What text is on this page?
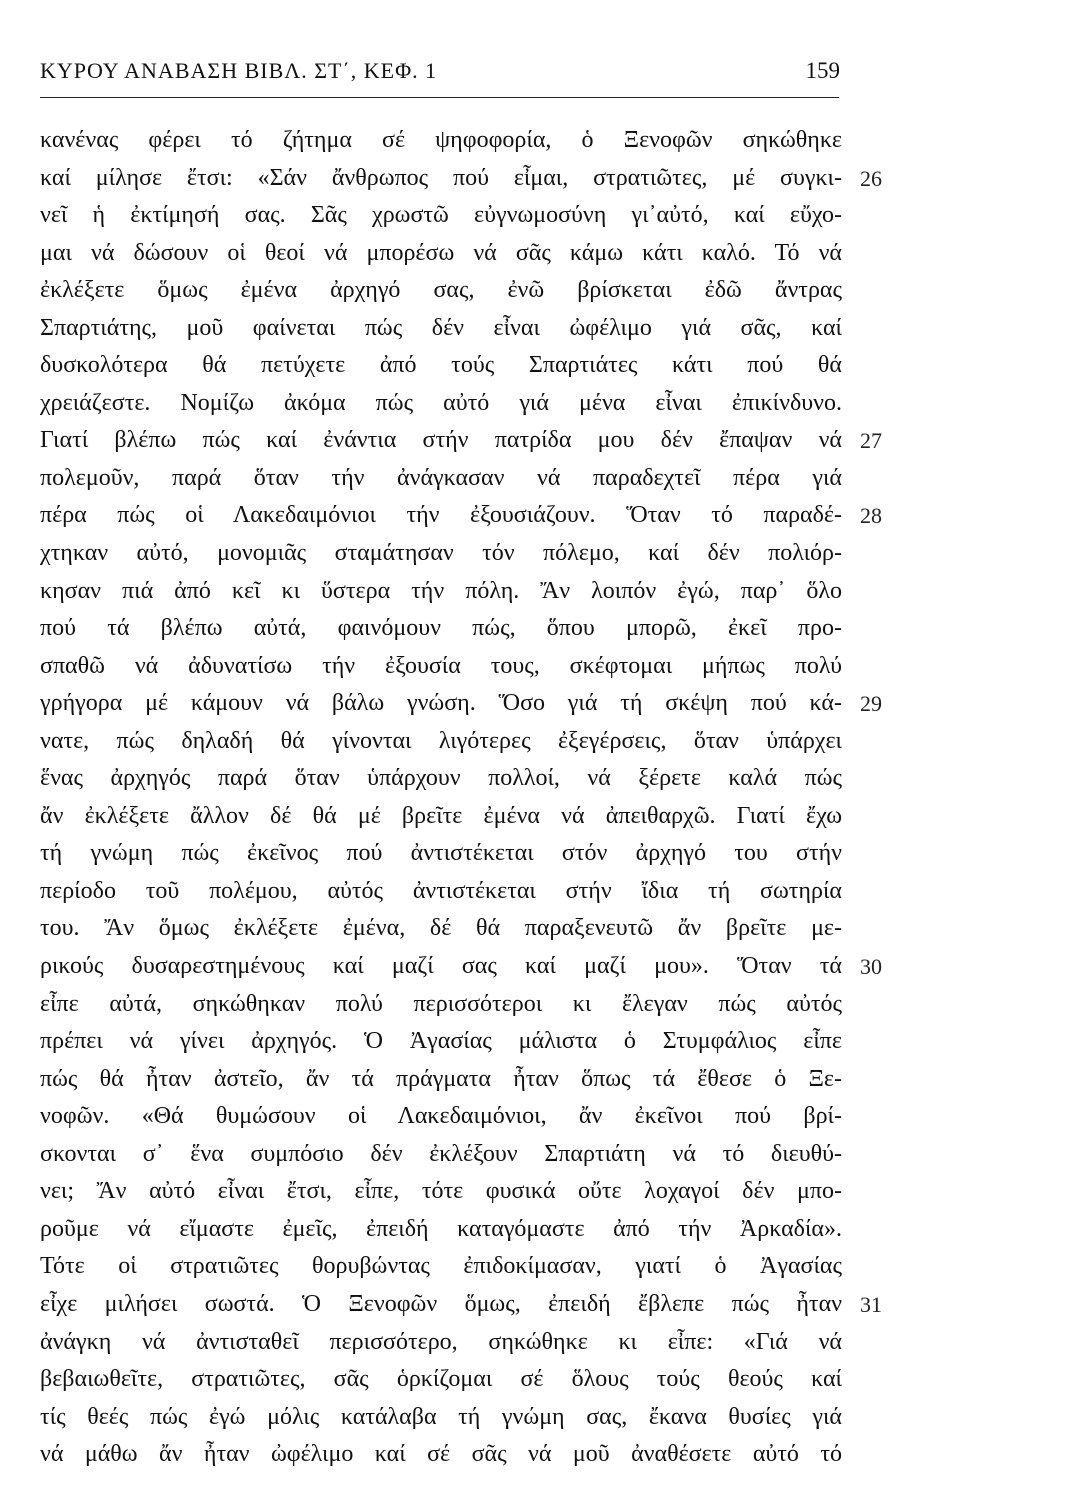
ΚΥΡΟΥ ΑΝΑΒΑΣΗ ΒΙΒΛ. ΣΤ΄, ΚΕΦ. 1	159
κανένας φέρει τό ζήτημα σέ ψηφοφορία, ὁ Ξενοφῶν σηκώθηκε
καί μίλησε ἔτσι: «Σάν ἄνθρωπος πού εἶμαι, στρατιῶτες, μέ συγκι- 26
νεῖ ἡ ἐκτίμησή σας. Σᾶς χρωστῶ εὐγνωμοσύνη γι᾽αὐτό, καί εὔχο-
μαι νά δώσουν οἱ θεοί νά μπορέσω νά σᾶς κάμω κάτι καλό. Τό νά
ἐκλέξετε ὅμως ἐμένα ἀρχηγό σας, ἐνῶ βρίσκεται ἐδῶ ἄντρας
Σπαρτιάτης, μοῦ φαίνεται πώς δέν εἶναι ὠφέλιμο γιά σᾶς, καί
δυσκολότερα θά πετύχετε ἀπό τούς Σπαρτιάτες κάτι πού θά
χρειάζεστε. Νομίζω ἀκόμα πώς αὐτό γιά μένα εἶναι ἐπικίνδυνο.
Γιατί βλέπω πώς καί ἐνάντια στήν πατρίδα μου δέν ἔπαψαν νά 27
πολεμοῦν, παρά ὅταν τήν ἀνάγκασαν νά παραδεχτεῖ πέρα γιά
πέρα πώς οἱ Λακεδαιμόνιοι τήν ἐξουσιάζουν. Ὅταν τό παραδέ- 28
χτηκαν αὐτό, μονομιᾶς σταμάτησαν τόν πόλεμο, καί δέν πολιόρ-
κησαν πιά ἀπό κεῖ κι ὕστερα τήν πόλη. Ἄν λοιπόν ἐγώ, παρ᾽ ὅλο
πού τά βλέπω αὐτά, φαινόμουν πώς, ὅπου μπορῶ, ἐκεῖ προ-
σπαθῶ νά ἀδυνατίσω τήν ἐξουσία τους, σκέφτομαι μήπως πολύ
γρήγορα μέ κάμουν νά βάλω γνώση. Ὅσο γιά τή σκέψη πού κά- 29
νατε, πώς δηλαδή θά γίνονται λιγότερες ἐξεγέρσεις, ὅταν ὑπάρχει
ἕνας ἀρχηγός παρά ὅταν ὑπάρχουν πολλοί, νά ξέρετε καλά πώς
ἄν ἐκλέξετε ἄλλον δέ θά μέ βρεῖτε ἐμένα νά ἀπειθαρχῶ. Γιατί ἔχω
τή γνώμη πώς ἐκεῖνος πού ἀντιστέκεται στόν ἀρχηγό του στήν
περίοδο τοῦ πολέμου, αὐτός ἀντιστέκεται στήν ἴδια τή σωτηρία
του. Ἄν ὅμως ἐκλέξετε ἐμένα, δέ θά παραξενευτῶ ἄν βρεῖτε με-
ρικούς δυσαρεστημένους καί μαζί σας καί μαζί μου». Ὅταν τά 30
εἶπε αὐτά, σηκώθηκαν πολύ περισσότεροι κι ἔλεγαν πώς αὐτός
πρέπει νά γίνει ἀρχηγός. Ὁ Ἀγασίας μάλιστα ὁ Στυμφάλιος εἶπε
πώς θά ἦταν ἀστεῖο, ἄν τά πράγματα ἦταν ὅπως τά ἔθεσε ὁ Ξε-
νοφῶν. «Θά θυμώσουν οἱ Λακεδαιμόνιοι, ἄν ἐκεῖνοι πού βρί-
σκονται σ᾽ ἕνα συμπόσιο δέν ἐκλέξουν Σπαρτιάτη νά τό διευθύ-
νει; Ἄν αὐτό εἶναι ἔτσι, εἶπε, τότε φυσικά οὔτε λοχαγοί δέν μπο-
ροῦμε νά εἴμαστε ἐμεῖς, ἐπειδή καταγόμαστε ἀπό τήν Ἀρκαδία».
Τότε οἱ στρατιῶτες θορυβώντας ἐπιδοκίμασαν, γιατί ὁ Ἀγασίας
εἶχε μιλήσει σωστά. Ὁ Ξενοφῶν ὅμως, ἐπειδή ἔβλεπε πώς ἦταν 31
ἀνάγκη νά ἀντισταθεῖ περισσότερο, σηκώθηκε κι εἶπε: «Γιά νά
βεβαιωθεῖτε, στρατιῶτες, σᾶς ὁρκίζομαι σέ ὅλους τούς θεούς καί
τίς θεές πώς ἐγώ μόλις κατάλαβα τή γνώμη σας, ἔκανα θυσίες γιά
νά μάθω ἄν ἦταν ὠφέλιμο καί σέ σᾶς νά μοῦ ἀναθέσετε αὐτό τό
